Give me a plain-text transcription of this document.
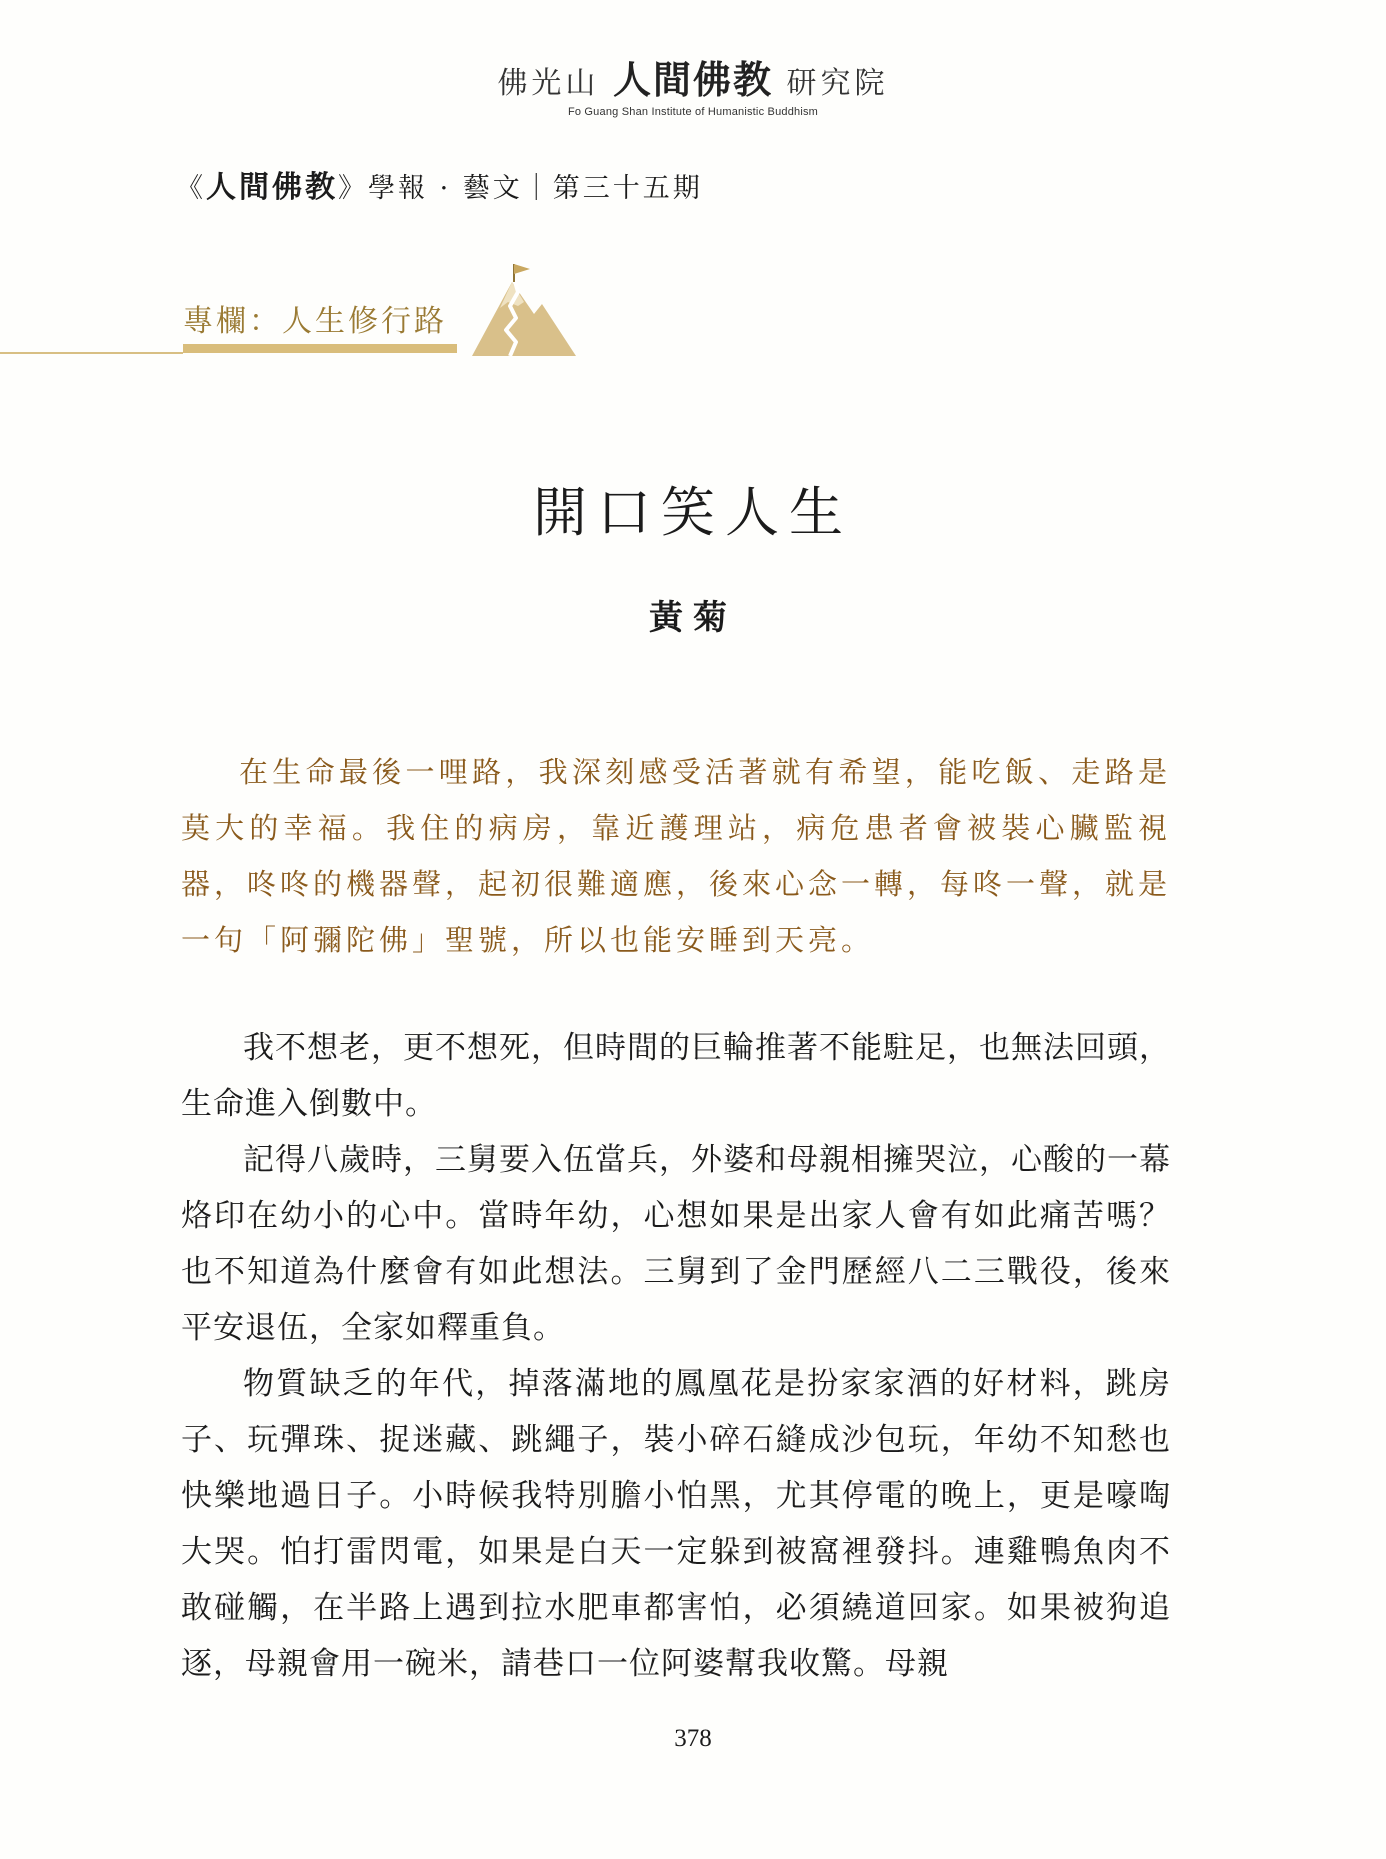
佛光山 人間佛教 研究院
Fo Guang Shan Institute of Humanistic Buddhism
《人間佛教》學報 · 藝文｜第三十五期
專欄：人生修行路
開口笑人生
黃菊

在生命最後一哩路，我深刻感受活著就有希望，能吃飯、走路是莫大的幸福。我住的病房，靠近護理站，病危患者會被裝心臟監視器，咚咚的機器聲，起初很難適應，後來心念一轉，每咚一聲，就是一句「阿彌陀佛」聖號，所以也能安睡到天亮。

我不想老，更不想死，但時間的巨輪推著不能駐足，也無法回頭，生命進入倒數中。

記得八歲時，三舅要入伍當兵，外婆和母親相擁哭泣，心酸的一幕烙印在幼小的心中。當時年幼，心想如果是出家人會有如此痛苦嗎？也不知道為什麼會有如此想法。三舅到了金門歷經八二三戰役，後來平安退伍，全家如釋重負。

物質缺乏的年代，掉落滿地的鳳凰花是扮家家酒的好材料，跳房子、玩彈珠、捉迷藏、跳繩子，裝小碎石縫成沙包玩，年幼不知愁也快樂地過日子。小時候我特別膽小怕黑，尤其停電的晚上，更是嚎啕大哭。怕打雷閃電，如果是白天一定躲到被窩裡發抖。連雞鴨魚肉不敢碰觸，在半路上遇到拉水肥車都害怕，必須繞道回家。如果被狗追逐，母親會用一碗米，請巷口一位阿婆幫我收驚。母親

378
